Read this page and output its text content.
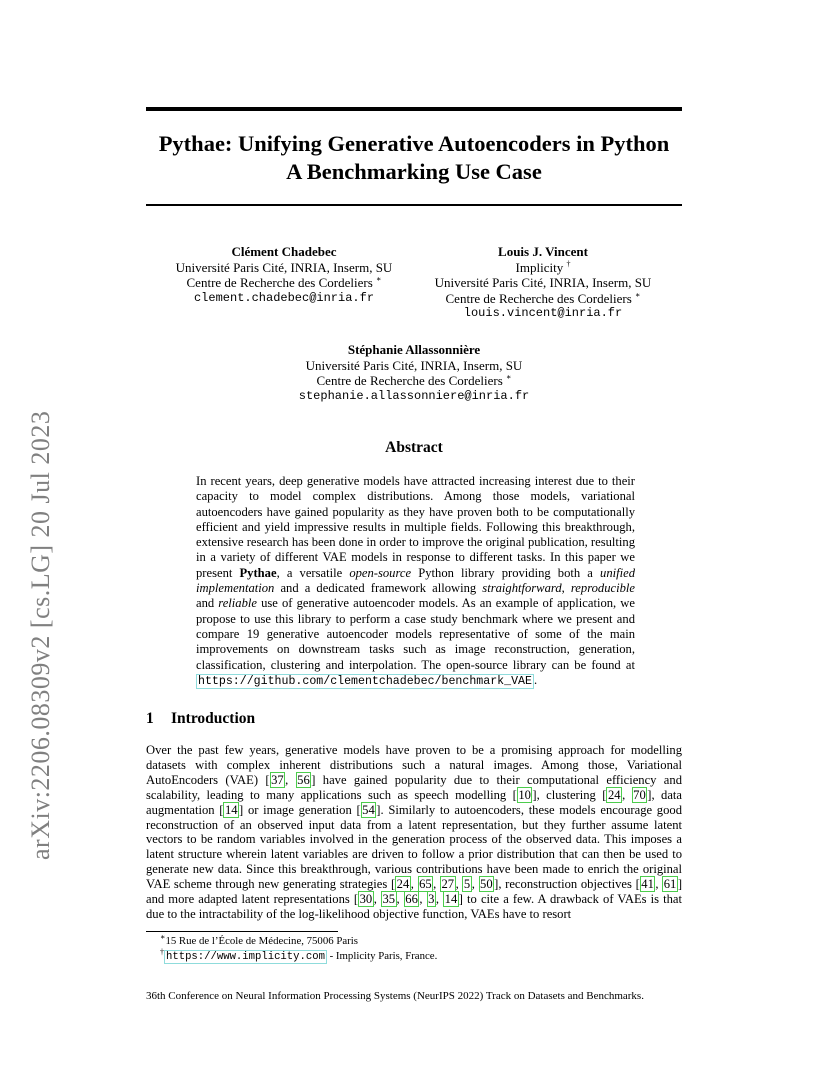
arXiv:2206.08309v2 [cs.LG] 20 Jul 2023
Pythae: Unifying Generative Autoencoders in Python
A Benchmarking Use Case
Clément Chadebec
Université Paris Cité, INRIA, Inserm, SU
Centre de Recherche des Cordeliers ∗
clement.chadebec@inria.fr
Louis J. Vincent
Implicity †
Université Paris Cité, INRIA, Inserm, SU
Centre de Recherche des Cordeliers ∗
louis.vincent@inria.fr
Stéphanie Allassonnière
Université Paris Cité, INRIA, Inserm, SU
Centre de Recherche des Cordeliers ∗
stephanie.allassonniere@inria.fr
Abstract
In recent years, deep generative models have attracted increasing interest due to their capacity to model complex distributions. Among those models, variational autoencoders have gained popularity as they have proven both to be computationally efficient and yield impressive results in multiple fields. Following this breakthrough, extensive research has been done in order to improve the original publication, resulting in a variety of different VAE models in response to different tasks. In this paper we present Pythae, a versatile open-source Python library providing both a unified implementation and a dedicated framework allowing straightforward, reproducible and reliable use of generative autoencoder models. As an example of application, we propose to use this library to perform a case study benchmark where we present and compare 19 generative autoencoder models representative of some of the main improvements on downstream tasks such as image reconstruction, generation, classification, clustering and interpolation. The open-source library can be found at https://github.com/clementchadebec/benchmark_VAE .
1 Introduction
Over the past few years, generative models have proven to be a promising approach for modelling datasets with complex inherent distributions such a natural images. Among those, Variational AutoEncoders (VAE) [ 37 , 56 ] have gained popularity due to their computational efficiency and scalability, leading to many applications such as speech modelling [ 10 ], clustering [ 24 , 70 ], data augmentation [ 14 ] or image generation [ 54 ]. Similarly to autoencoders, these models encourage good reconstruction of an observed input data from a latent representation, but they further assume latent vectors to be random variables involved in the generation process of the observed data. This imposes a latent structure wherein latent variables are driven to follow a prior distribution that can then be used to generate new data. Since this breakthrough, various contributions have been made to enrich the original VAE scheme through new generating strategies [ 24 , 65 , 27 , 5 , 50 ], reconstruction objectives [ 41 , 61 ] and more adapted latent representations [ 30 , 35 , 66 , 3 , 14 ] to cite a few. A drawback of VAEs is that due to the intractability of the log-likelihood objective function, VAEs have to resort
∗15 Rue de l’École de Médecine, 75006 Paris
† https://www.implicity.com - Implicity Paris, France.
36th Conference on Neural Information Processing Systems (NeurIPS 2022) Track on Datasets and Benchmarks.
